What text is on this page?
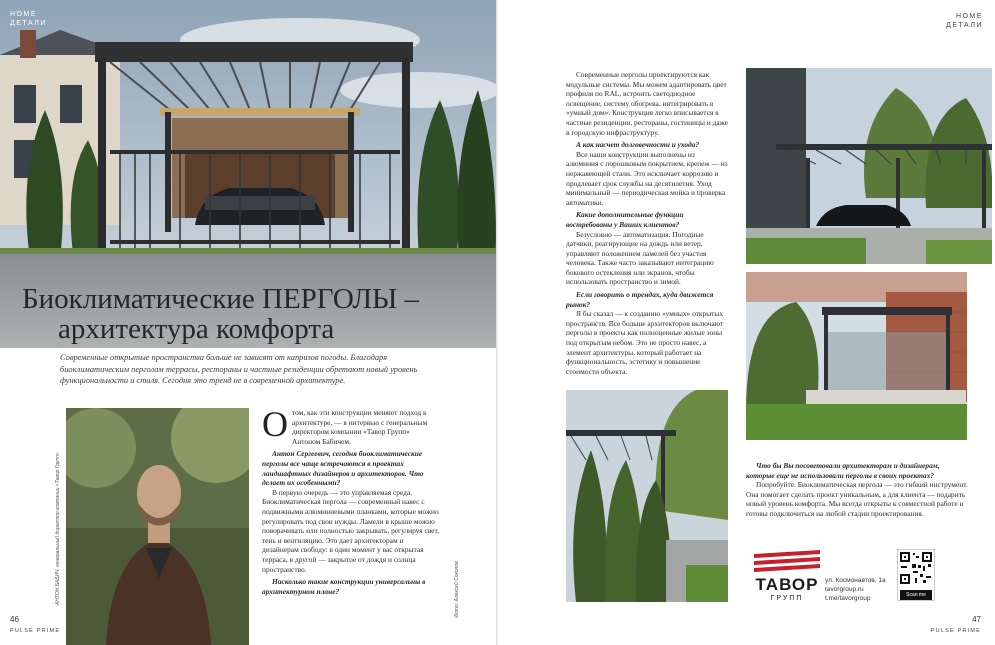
HOME
ДЕТАЛИ
Биоклиматические ПЕРГОЛЫ –

архитектура комфорта
Современные открытые пространства больше не зависят от капризов погоды. Благодаря биоклиматическим перголам террасы, рестораны и частные резиденции обретают новый уровень функциональности и стиля. Сегодня это тренд не в современной архитектуре.
АНТОН БАБИЧ, генеральный директор компании «Тавор Групп»

О том, как эти конструкции меняют подход к архитектуре, — в интервью с генеральным директором компании «Тавор Групп» Антоном Бабичем.

Антон Сергеевич, сегодня биоклиматические перголы все чаще встречаются в проектах ландшафтных дизайнеров и архитекторов. Что делает их особенными?

В первую очередь — это управляемая среда. Биоклиматическая пергола — современный навес с подвижными алюминиевыми планками, которые можно регулировать под свои нужды. Ламели в крыше можно поворачивать или полностью закрывать, регулируя свет, тень и вентиляцию. Это дает архитекторам и дизайнерам свободу: в один момент у вас открытая терраса, в другой — закрытое от дождя и солнца пространство.

Насколько такие конструкции универсальны в архитектурном плане?	Фото: Алексей Соколов
46
PULSE PRIME
HOME
ДЕТАЛИ

Современные перголы проектируются как модульные системы. Мы можем адаптировать цвет профиля по RAL, встроить светодиодное освещение, систему обогрева, интегрировать в «умный дом». Конструкция легко вписывается в частные резиденции, рестораны, гостиницы и даже в городскую инфраструктуру.

А как насчет долговечности и ухода?

Все наши конструкции выполнены из алюминия с порошковым покрытием, крепеж — из нержавеющей стали. Это исключает коррозию и продлевает срок службы на десятилетия. Уход минимальный — периодическая мойка и проверка автоматики.

Какие дополнительные функции востребованы у Ваших клиентов?

Безусловно — автоматизация. Погодные датчики, реагирующие на дождь или ветер, управляют положением ламелей без участия человека. Также часто заказывают интеграцию бокового остекления или экранов, чтобы использовать пространство и зимой.

Если говорить о трендах, куда движется рынок?

Я бы сказал — к созданию «умных» открытых пространств. Все больше архитекторов включают перголы в проекты как полноценные жилые зоны под открытым небом. Это не просто навес, а элемент архитектуры, который работает на функциональность, эстетику и повышение стоимости объекта.

Что бы Вы посоветовали архитекторам и дизайнерам, которые еще не использовали перголы в своих проектах?

Попробуйте. Биоклиматическая пергола — это гибкий инструмент. Она помогает сделать проект уникальным, а для клиента — подарить новый уровень комфорта. Мы всегда открыты к совместной работе и готовы подключиться на любой стадии проектирования.

ТАВОР
ГРУПП
ул. Космонавтов, 1а
tavorgroup.ru
t.me/tavorgroup	Scan me
47
PULSE PRIME
